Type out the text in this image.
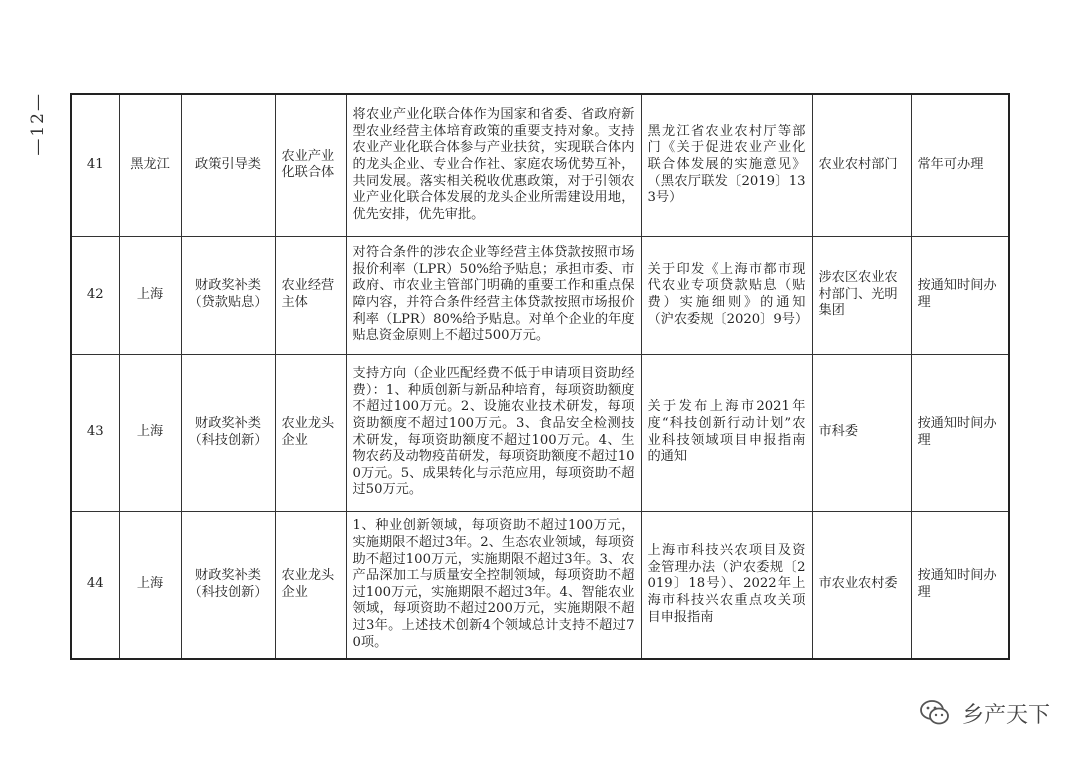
—12—
41	黑龙江	政策引导类	农业产业化联合体	将农业产业化联合体作为国家和省委、省政府新型农业经营主体培育政策的重要支持对象。支持农业产业化联合体参与产业扶贫，实现联合体内的龙头企业、专业合作社、家庭农场优势互补，共同发展。落实相关税收优惠政策，对于引领农业产业化联合体发展的龙头企业所需建设用地，优先安排，优先审批。	黑龙江省农业农村厅等部门《关于促进农业产业化联合体发展的实施意见》（黑农厅联发〔2019〕133号）	农业农村部门	常年可办理
42	上海	财政奖补类（贷款贴息）	农业经营主体	对符合条件的涉农企业等经营主体贷款按照市场报价利率（LPR）50%给予贴息；承担市委、市政府、市农业主管部门明确的重要工作和重点保障内容，并符合条件经营主体贷款按照市场报价利率（LPR）80%给予贴息。对单个企业的年度贴息资金原则上不超过500万元。	关于印发《上海市都市现代农业专项贷款贴息（贴费）实施细则》的通知（沪农委规〔2020〕9号）	涉农区农业农村部门、光明集团	按通知时间办理
43	上海	财政奖补类（科技创新）	农业龙头企业	支持方向（企业匹配经费不低于申请项目资助经费）：1、种质创新与新品种培育，每项资助额度不超过100万元。2、设施农业技术研发，每项资助额度不超过100万元。3、食品安全检测技术研发，每项资助额度不超过100万元。4、生物农药及动物疫苗研发，每项资助额度不超过100万元。5、成果转化与示范应用，每项资助不超过50万元。	关于发布上海市2021年度“科技创新行动计划”农业科技领域项目申报指南的通知	市科委	按通知时间办理
44	上海	财政奖补类（科技创新）	农业龙头企业	1、种业创新领域，每项资助不超过100万元，实施期限不超过3年。2、生态农业领域，每项资助不超过100万元，实施期限不超过3年。3、农产品深加工与质量安全控制领域，每项资助不超过100万元，实施期限不超过3年。4、智能农业领域，每项资助不超过200万元，实施期限不超过3年。上述技术创新4个领域总计支持不超过70项。	上海市科技兴农项目及资金管理办法（沪农委规〔2019〕18号）、2022年上海市科技兴农重点攻关项目申报指南	市农业农村委	按通知时间办理
乡产天下
